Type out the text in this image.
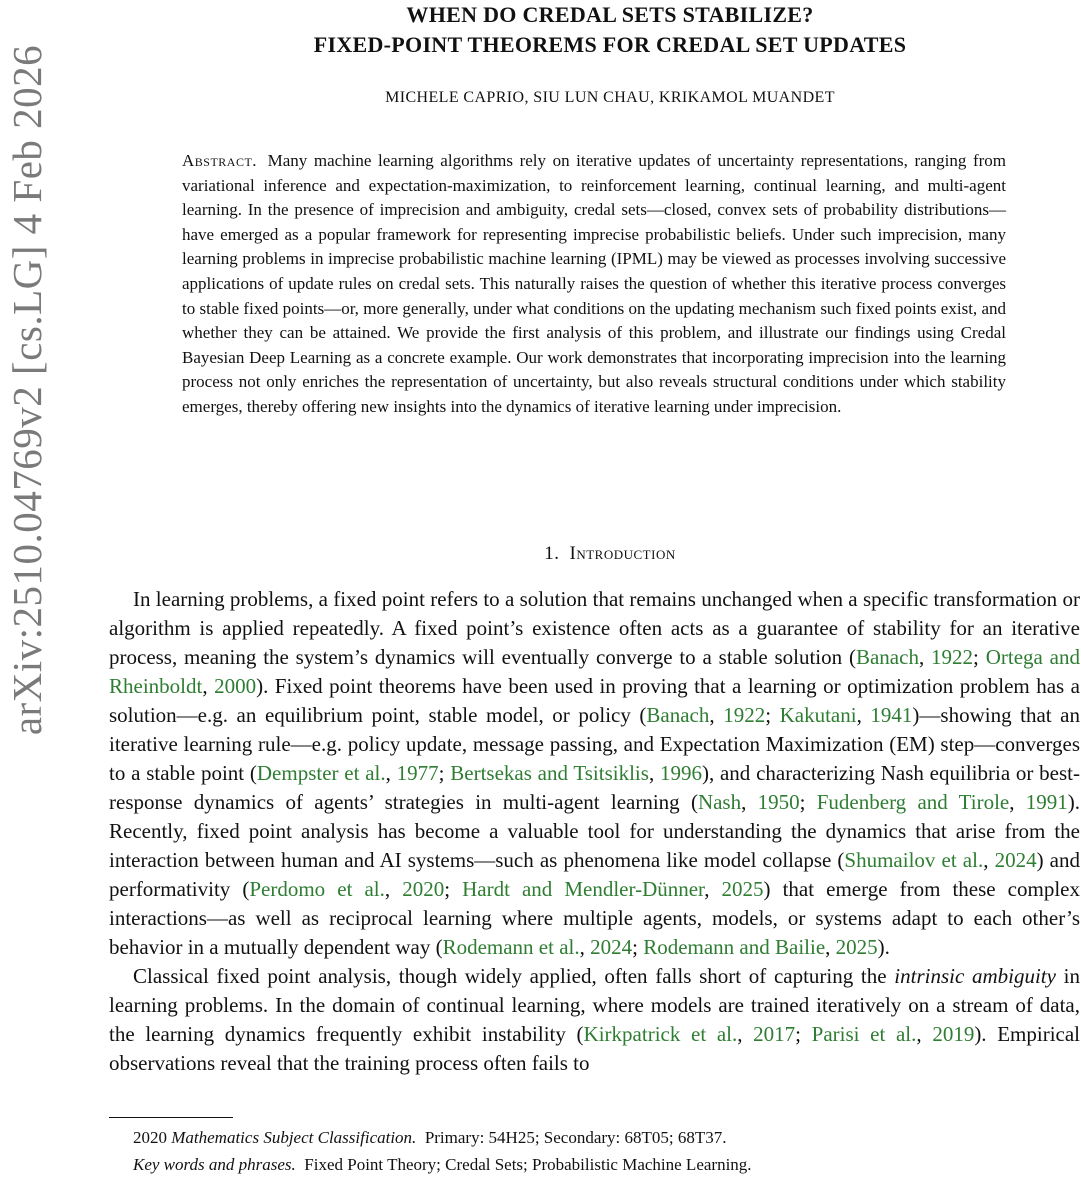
arXiv:2510.04769v2 [cs.LG] 4 Feb 2026
WHEN DO CREDAL SETS STABILIZE?
FIXED-POINT THEOREMS FOR CREDAL SET UPDATES
MICHELE CAPRIO, SIU LUN CHAU, KRIKAMOL MUANDET
Abstract. Many machine learning algorithms rely on iterative updates of uncertainty representations, ranging from variational inference and expectation-maximization, to reinforcement learning, continual learning, and multi-agent learning. In the presence of imprecision and ambiguity, credal sets—closed, convex sets of probability distributions—have emerged as a popular framework for representing imprecise probabilistic beliefs. Under such imprecision, many learning problems in imprecise probabilistic machine learning (IPML) may be viewed as processes involving successive applications of update rules on credal sets. This naturally raises the question of whether this iterative process converges to stable fixed points—or, more generally, under what conditions on the updating mechanism such fixed points exist, and whether they can be attained. We provide the first analysis of this problem, and illustrate our findings using Credal Bayesian Deep Learning as a concrete example. Our work demonstrates that incorporating imprecision into the learning process not only enriches the representation of uncertainty, but also reveals structural conditions under which stability emerges, thereby offering new insights into the dynamics of iterative learning under imprecision.
1. Introduction

In learning problems, a fixed point refers to a solution that remains unchanged when a specific transformation or algorithm is applied repeatedly. A fixed point’s existence often acts as a guarantee of stability for an iterative process, meaning the system’s dynamics will eventually converge to a stable solution (Banach, 1922; Ortega and Rheinboldt, 2000). Fixed point theorems have been used in proving that a learning or optimization problem has a solution—e.g. an equilibrium point, stable model, or policy (Banach, 1922; Kakutani, 1941)—showing that an iterative learning rule—e.g. policy update, message passing, and Expectation Maximization (EM) step—converges to a stable point (Dempster et al., 1977; Bertsekas and Tsitsiklis, 1996), and characterizing Nash equilibria or best-response dynamics of agents’ strategies in multi-agent learning (Nash, 1950; Fudenberg and Tirole, 1991). Recently, fixed point analysis has become a valuable tool for understanding the dynamics that arise from the interaction between human and AI systems—such as phenomena like model collapse (Shumailov et al., 2024) and performativity (Perdomo et al., 2020; Hardt and Mendler-Dünner, 2025) that emerge from these complex interactions—as well as reciprocal learning where multiple agents, models, or systems adapt to each other’s behavior in a mutually dependent way (Rodemann et al., 2024; Rodemann and Bailie, 2025).

Classical fixed point analysis, though widely applied, often falls short of capturing the intrinsic ambiguity in learning problems. In the domain of continual learning, where models are trained iteratively on a stream of data, the learning dynamics frequently exhibit instability (Kirkpatrick et al., 2017; Parisi et al., 2019). Empirical observations reveal that the training process often fails to

2020 Mathematics Subject Classification. Primary: 54H25; Secondary: 68T05; 68T37.
Key words and phrases. Fixed Point Theory; Credal Sets; Probabilistic Machine Learning.
